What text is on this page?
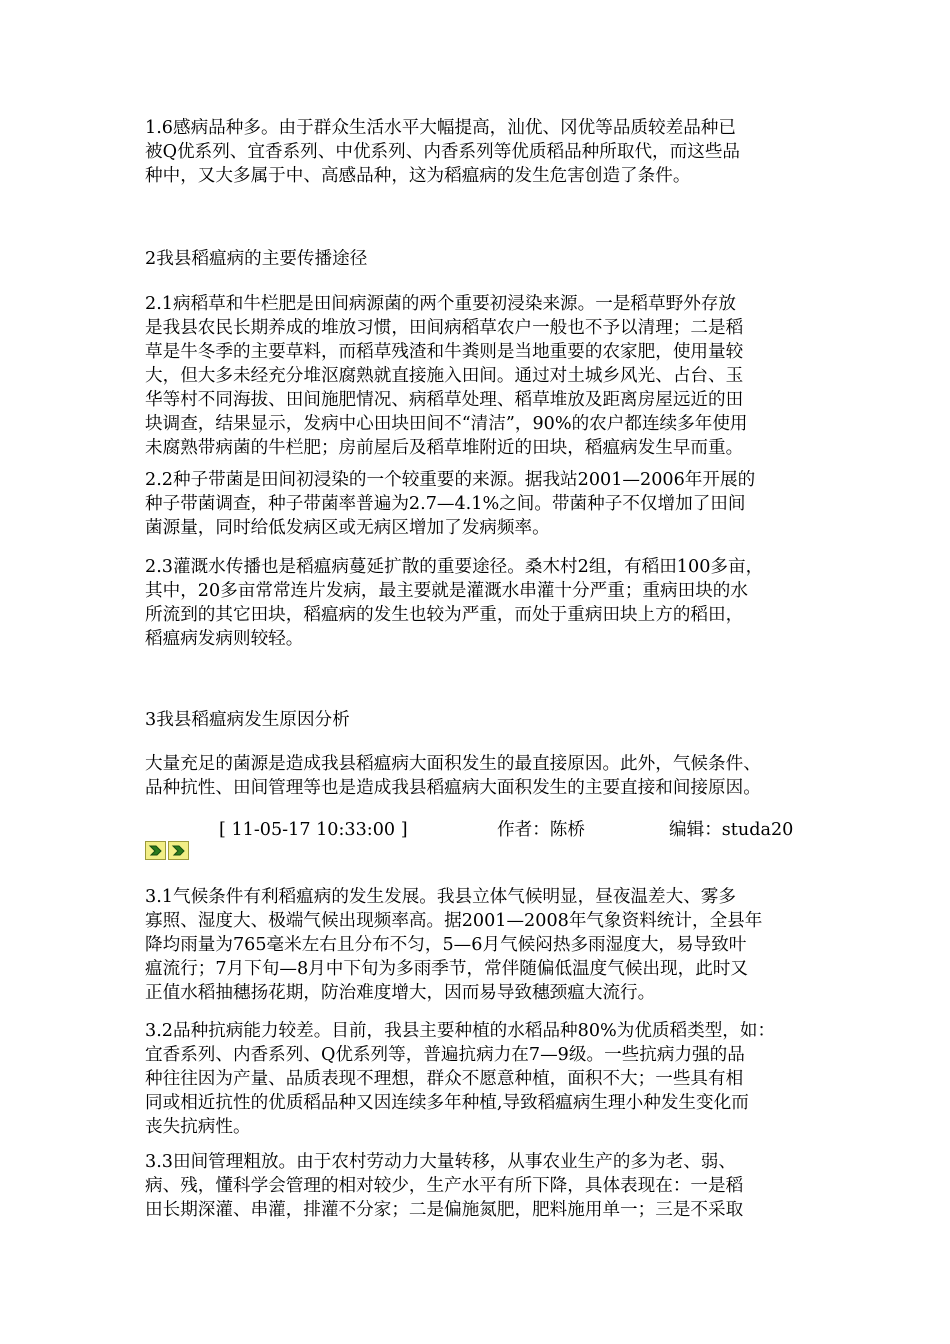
1.6感病品种多。由于群众生活水平大幅提高，汕优、冈优等品质较差品种已
被Q优系列、宜香系列、中优系列、内香系列等优质稻品种所取代，而这些品
种中，又大多属于中、高感品种，这为稻瘟病的发生危害创造了条件。
2我县稻瘟病的主要传播途径
2.1病稻草和牛栏肥是田间病源菌的两个重要初浸染来源。一是稻草野外存放
是我县农民长期养成的堆放习惯，田间病稻草农户一般也不予以清理；二是稻
草是牛冬季的主要草料，而稻草残渣和牛粪则是当地重要的农家肥，使用量较
大，但大多未经充分堆沤腐熟就直接施入田间。通过对土城乡风光、占台、玉
华等村不同海拔、田间施肥情况、病稻草处理、稻草堆放及距离房屋远近的田
块调查，结果显示，发病中心田块田间不“清洁”，90%的农户都连续多年使用
未腐熟带病菌的牛栏肥；房前屋后及稻草堆附近的田块，稻瘟病发生早而重。
2.2种子带菌是田间初浸染的一个较重要的来源。据我站2001—2006年开展的
种子带菌调查，种子带菌率普遍为2.7—4.1%之间。带菌种子不仅增加了田间
菌源量，同时给低发病区或无病区增加了发病频率。
2.3灌溉水传播也是稻瘟病蔓延扩散的重要途径。桑木村2组，有稻田100多亩，
其中，20多亩常常连片发病，最主要就是灌溉水串灌十分严重；重病田块的水
所流到的其它田块，稻瘟病的发生也较为严重，而处于重病田块上方的稻田，
稻瘟病发病则较轻。
3我县稻瘟病发生原因分析
大量充足的菌源是造成我县稻瘟病大面积发生的最直接原因。此外，气候条件、
品种抗性、田间管理等也是造成我县稻瘟病大面积发生的主要直接和间接原因。
[ 11-05-17 10:33:00 ]	作者：陈桥	编辑：studa20
3.1气候条件有利稻瘟病的发生发展。我县立体气候明显，昼夜温差大、雾多
寡照、湿度大、极端气候出现频率高。据2001—2008年气象资料统计，全县年
降均雨量为765毫米左右且分布不匀，5—6月气候闷热多雨湿度大，易导致叶
瘟流行；7月下旬—8月中下旬为多雨季节，常伴随偏低温度气候出现，此时又
正值水稻抽穗扬花期，防治难度增大，因而易导致穗颈瘟大流行。
3.2品种抗病能力较差。目前，我县主要种植的水稻品种80%为优质稻类型，如：
宜香系列、内香系列、Q优系列等，普遍抗病力在7—9级。一些抗病力强的品
种往往因为产量、品质表现不理想，群众不愿意种植，面积不大；一些具有相
同或相近抗性的优质稻品种又因连续多年种植,导致稻瘟病生理小种发生变化而
丧失抗病性。
3.3田间管理粗放。由于农村劳动力大量转移，从事农业生产的多为老、弱、
病、残，懂科学会管理的相对较少，生产水平有所下降，具体表现在：一是稻
田长期深灌、串灌，排灌不分家；二是偏施氮肥，肥料施用单一；三是不采取
